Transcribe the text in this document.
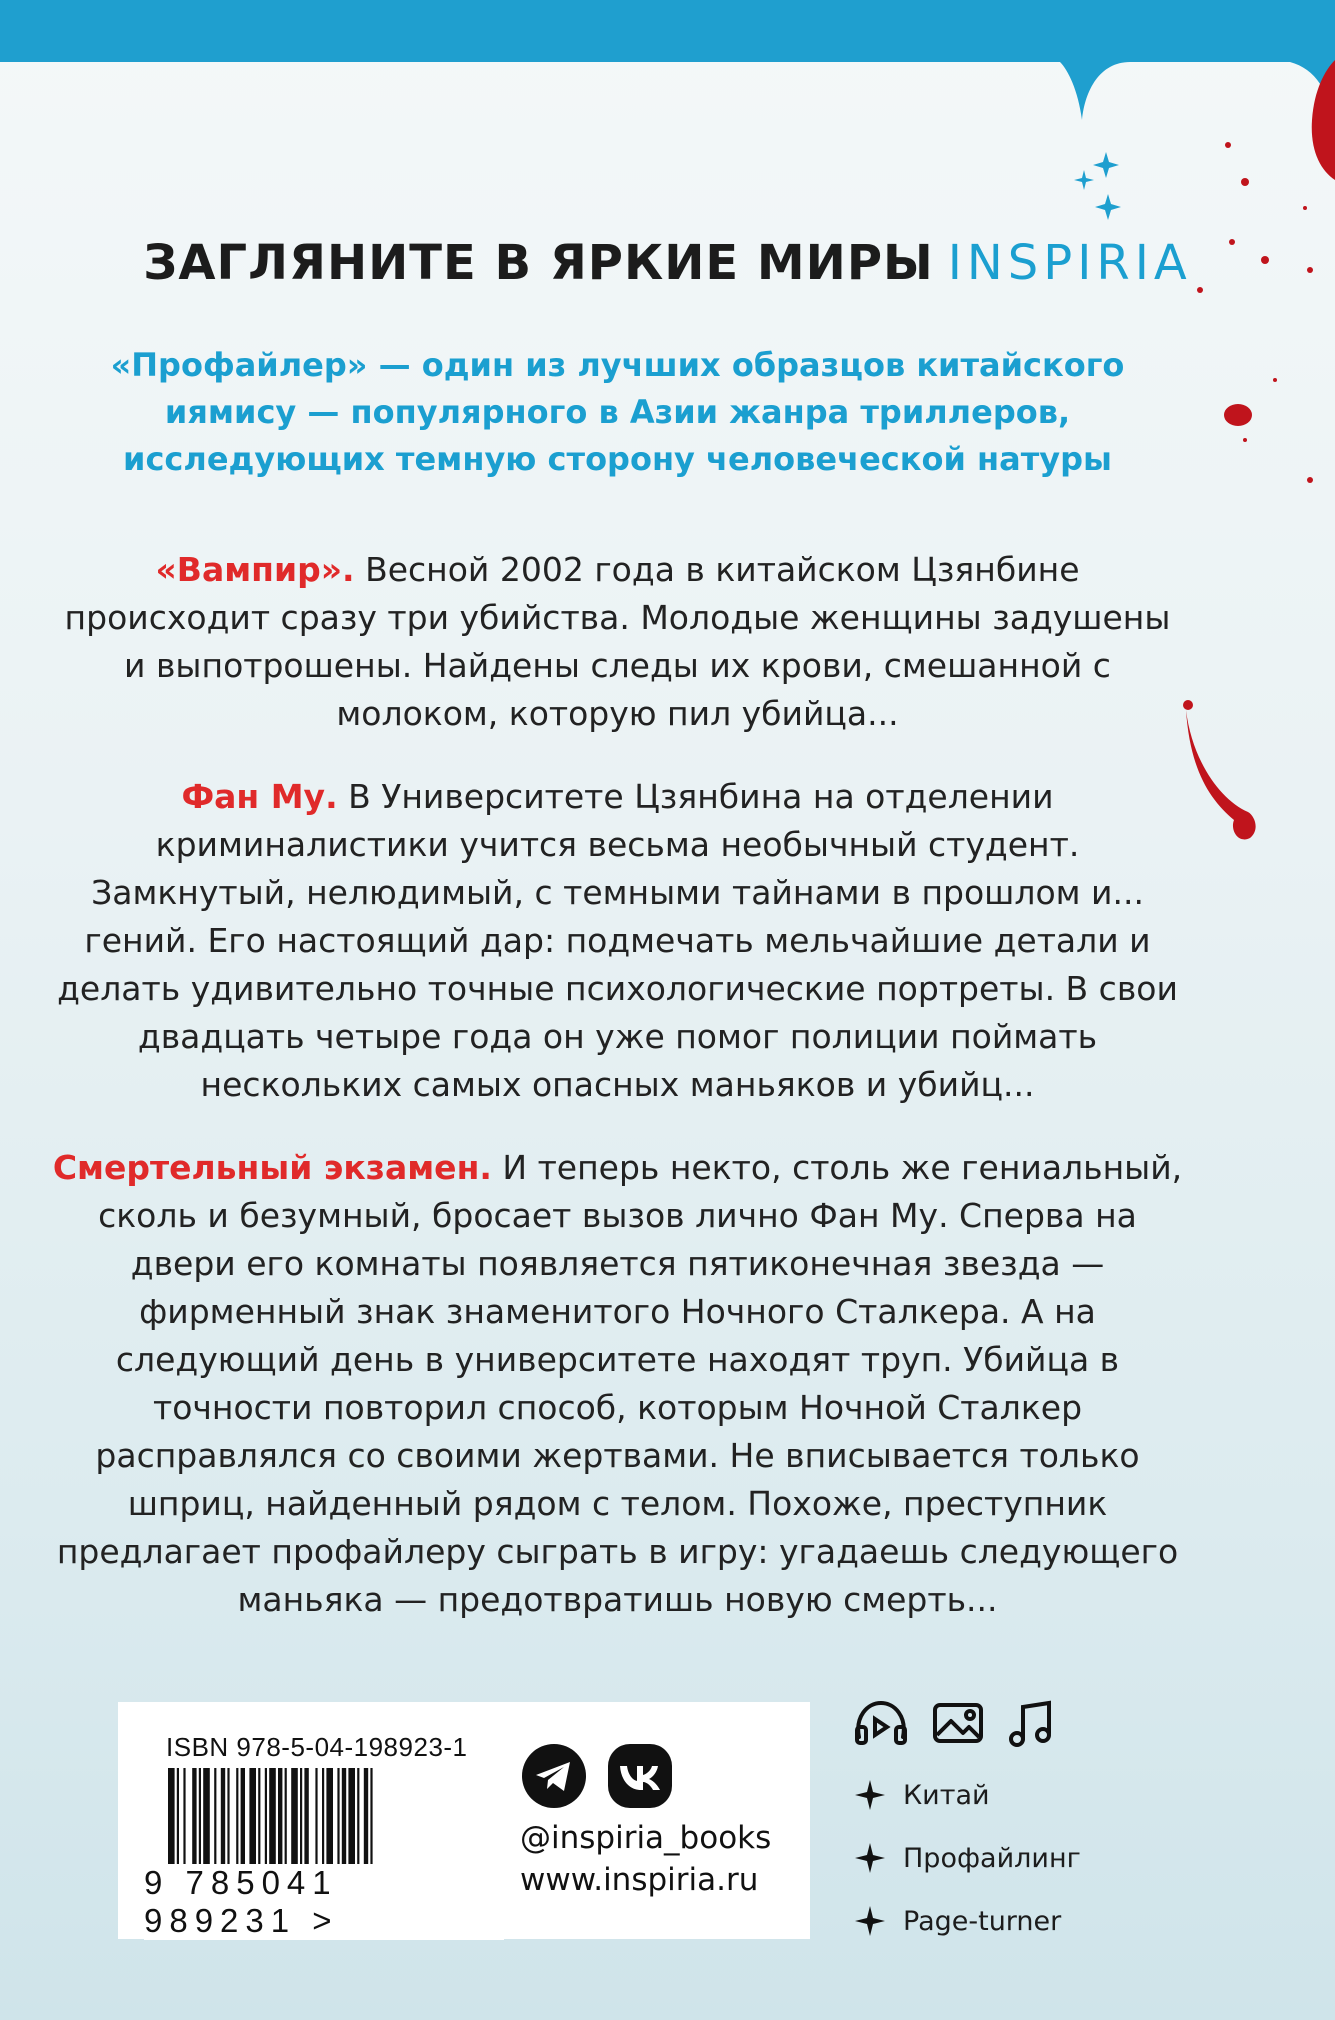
ЗАГЛЯНИТЕ В ЯРКИЕ МИРЫ INSPIRIA
«Профайлер» — один из лучших образцов китайского
иямису — популярного в Азии жанра триллеров,
исследующих темную сторону человеческой натуры
«Вампир». Весной 2002 года в китайском Цзянбине происходит сразу три убийства. Молодые женщины задушены и выпотрошены. Найдены следы их крови, смешанной с молоком, которую пил убийца...
Фан Му. В Университете Цзянбина на отделении криминалистики учится весьма необычный студент. Замкнутый, нелюдимый, с темными тайнами в прошлом и... гений. Его настоящий дар: подмечать мельчайшие детали и делать удивительно точные психологические портреты. В свои двадцать четыре года он уже помог полиции поймать нескольких самых опасных маньяков и убийц...
Смертельный экзамен. И теперь некто, столь же гениальный, сколь и безумный, бросает вызов лично Фан Му. Сперва на двери его комнаты появляется пятиконечная звезда — фирменный знак знаменитого Ночного Сталкера. А на следующий день в университете находят труп. Убийца в точности повторил способ, которым Ночной Сталкер расправлялся со своими жертвами. Не вписывается только шприц, найденный рядом с телом. Похоже, преступник предлагает профайлеру сыграть в игру: угадаешь следующего маньяка — предотвратишь новую смерть...
ISBN 978-5-04-198923-1
9 785041 989231 >
@inspiria_books
www.inspiria.ru
Китай
Профайлинг
Page-turner
